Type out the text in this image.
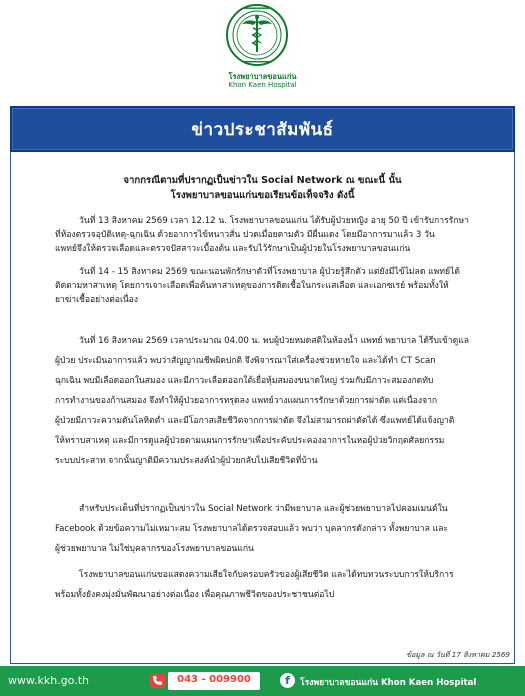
โรงพยาบาลขอนแก่น
Khon Kaen Hospital
ข่าวประชาสัมพันธ์
จากกรณีตามที่ปรากฏเป็นข่าวใน Social Network ณ ขณะนี้ นั้น
โรงพยาบาลขอนแก่นขอเรียนข้อเท็จจริง ดังนี้
วันที่ 13 สิงหาคม 2569 เวลา 12.12 น. โรงพยาบาลขอนแก่น ได้รับผู้ป่วยหญิง อายุ 50 ปี เข้ารับการรักษา
ที่ห้องตรวจอุบัติเหตุ-ฉุกเฉิน ด้วยอาการไข้หนาวสั่น ปวดเมื่อยตามตัว มีผื่นแดง โดยมีอาการมาแล้ว 3 วัน
แพทย์จึงให้ตรวจเลือดและตรวจปัสสาวะเบื้องต้น และรับไว้รักษาเป็นผู้ป่วยในโรงพยาบาลขอนแก่น
วันที่ 14 - 15 สิงหาคม 2569 ขณะนอนพักรักษาตัวที่โรงพยาบาล ผู้ป่วยรู้สึกตัว แต่ยังมีไข้ไม่ลด แพทย์ได้
ติดตามหาสาเหตุ โดยการเจาะเลือดเพื่อค้นหาสาเหตุของการติดเชื้อในกระแสเลือด และเอกซเรย์ พร้อมทั้งให้
ยาฆ่าเชื้ออย่างต่อเนื่อง
วันที่ 16 สิงหาคม 2569 เวลาประมาณ 04.00 น. พบผู้ป่วยหมดสติในห้องน้ำ แพทย์ พยาบาล ได้รีบเข้าดูแล
ผู้ป่วย ประเมินอาการแล้ว พบว่าสัญญาณชีพผิดปกติ จึงพิจารณาใส่เครื่องช่วยหายใจ และได้ทำ CT Scan
ฉุกเฉิน พบมีเลือดออกในสมอง และมีภาวะเลือดออกใต้เยื่อหุ้มสมองขนาดใหญ่ ร่วมกับมีภาวะสมองกดทับ
การทำงานของก้านสมอง จึงทำให้ผู้ป่วยอาการทรุดลง แพทย์วางแผนการรักษาด้วยการผ่าตัด แต่เนื่องจาก
ผู้ป่วยมีภาวะความดันโลหิตต่ำ และมีโอกาสเสียชีวิตจากการผ่าตัด จึงไม่สามารถผ่าตัดได้ ซึ่งแพทย์ได้แจ้งญาติ
ให้ทราบสาเหตุ และมีการดูแลผู้ป่วยตามแผนการรักษาเพื่อประคับประคองอาการในหอผู้ป่วยวิกฤตศัลยกรรม
ระบบประสาท จากนั้นญาติมีความประสงค์นำผู้ป่วยกลับไปเสียชีวิตที่บ้าน
สำหรับประเด็นที่ปรากฏเป็นข่าวใน Social Network ว่ามีพยาบาล และผู้ช่วยพยาบาลไปคอมเมนต์ใน
Facebook ด้วยข้อความไม่เหมาะสม โรงพยาบาลได้ตรวจสอบแล้ว พบว่า บุคลากรดังกล่าว ทั้งพยาบาล และ
ผู้ช่วยพยาบาล ไม่ใช่บุคลากรของโรงพยาบาลขอนแก่น
โรงพยาบาลขอนแก่นขอแสดงความเสียใจกับครอบครัวของผู้เสียชีวิต และได้ทบทวนระบบการให้บริการ
พร้อมทั้งยังคงมุ่งมั่นพัฒนาอย่างต่อเนื่อง เพื่อคุณภาพชีวิตของประชาชนต่อไป
ข้อมูล ณ วันที่ 17 สิงหาคม 2569
www.kkh.go.th	043 - 009900	f	โรงพยาบาลขอนแก่น Khon Kaen Hospital
